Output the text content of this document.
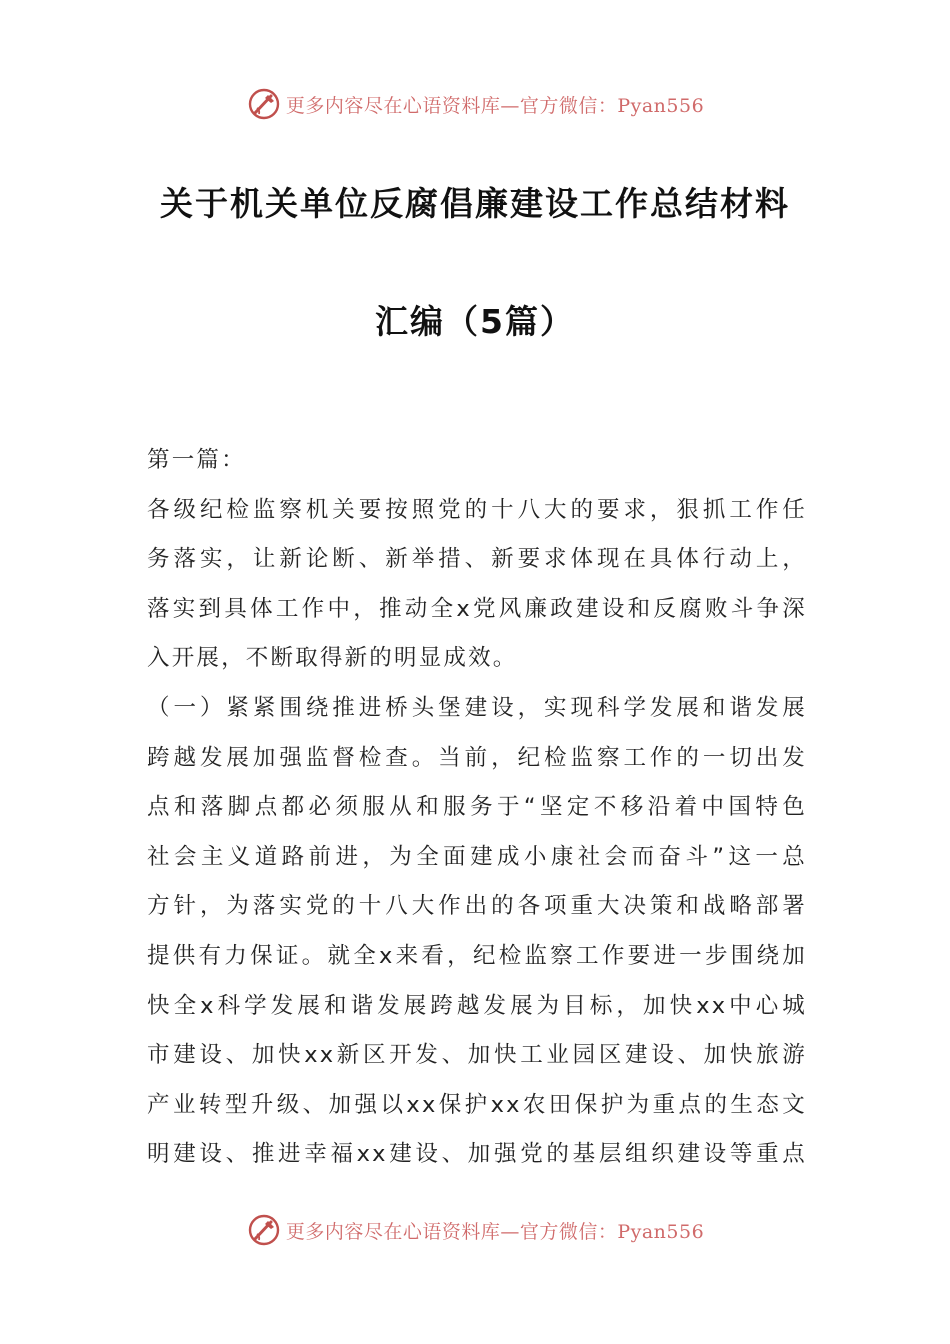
更多内容尽在心语资料库—官方微信：Pyan556
关于机关单位反腐倡廉建设工作总结材料
汇编（5篇）
第一篇：
各级纪检监察机关要按照党的十八大的要求，狠抓工作任
务落实，让新论断、新举措、新要求体现在具体行动上，
落实到具体工作中，推动全x党风廉政建设和反腐败斗争深
入开展，不断取得新的明显成效。
（一）紧紧围绕推进桥头堡建设，实现科学发展和谐发展
跨越发展加强监督检查。当前，纪检监察工作的一切出发
点和落脚点都必须服从和服务于“坚定不移沿着中国特色
社会主义道路前进，为全面建成小康社会而奋斗”这一总
方针，为落实党的十八大作出的各项重大决策和战略部署
提供有力保证。就全x来看，纪检监察工作要进一步围绕加
快全x科学发展和谐发展跨越发展为目标，加快xx中心城
市建设、加快xx新区开发、加快工业园区建设、加快旅游
产业转型升级、加强以xx保护xx农田保护为重点的生态文
明建设、推进幸福xx建设、加强党的基层组织建设等重点
更多内容尽在心语资料库—官方微信：Pyan556
